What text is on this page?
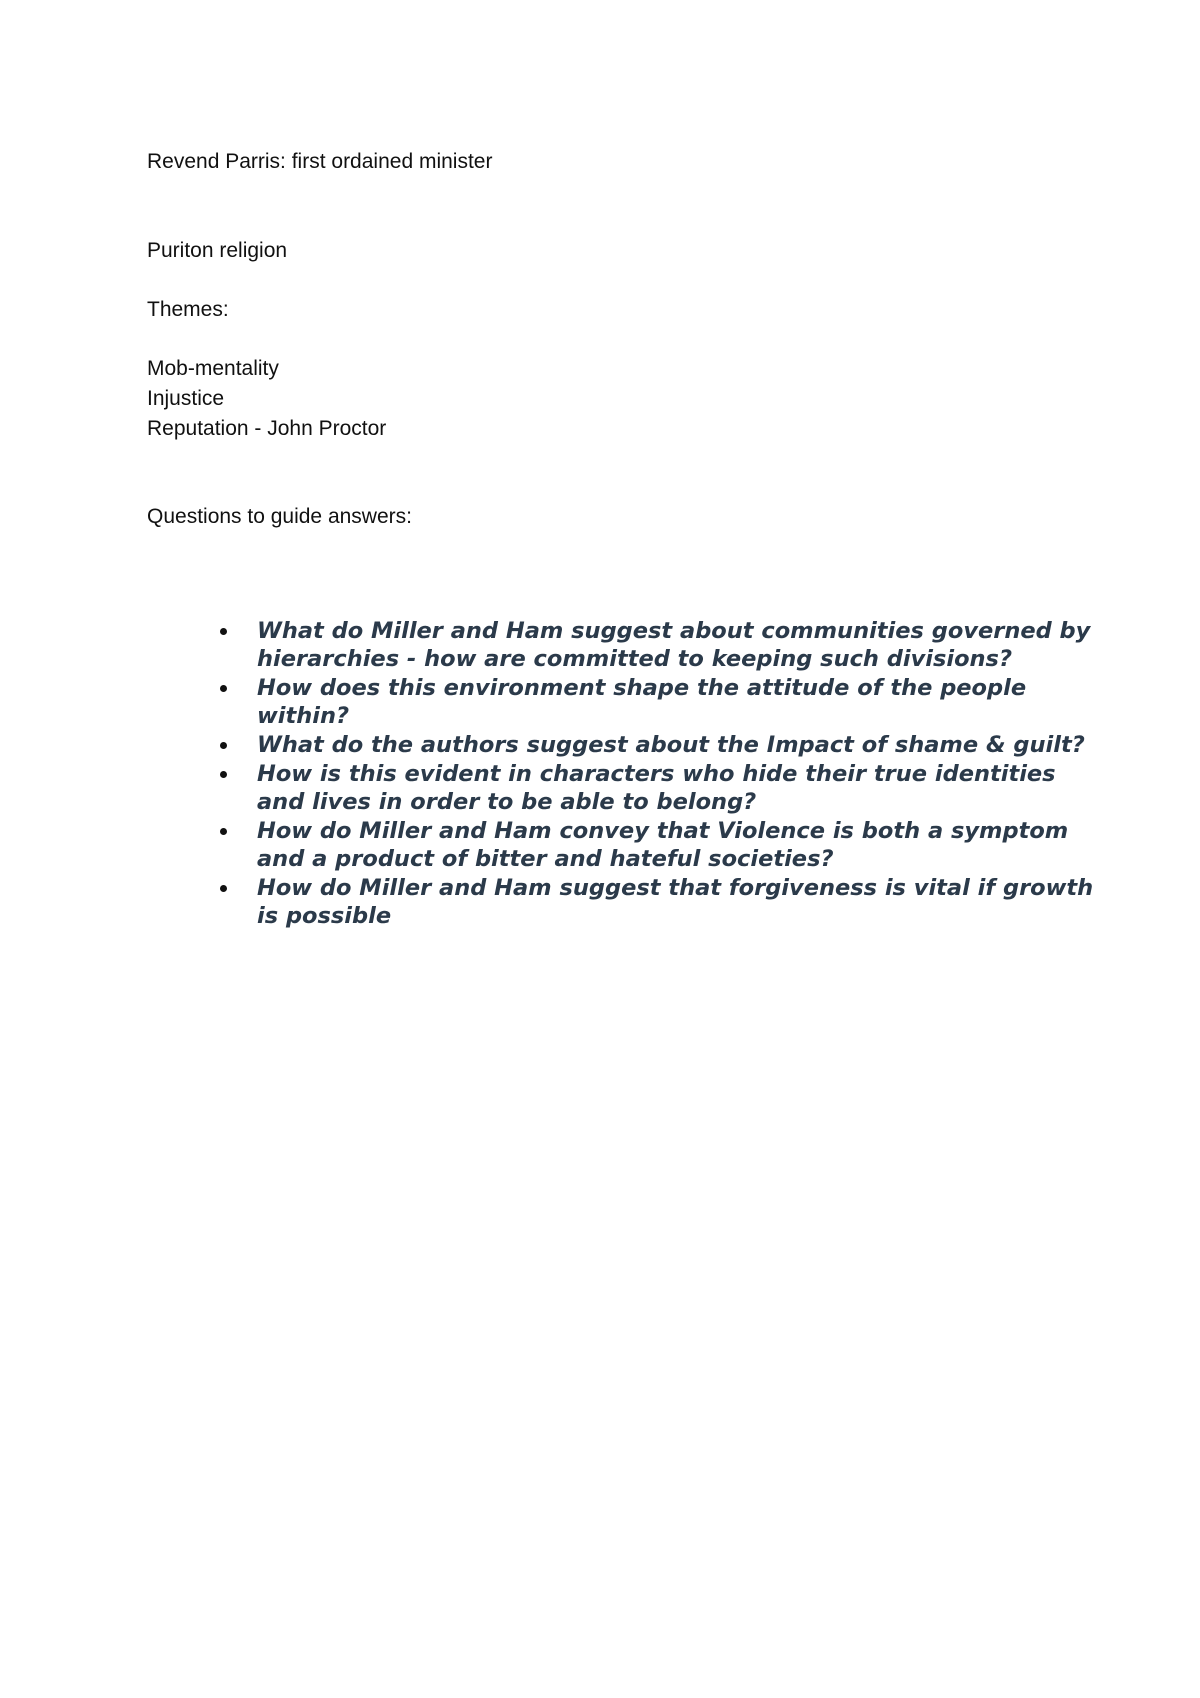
Revend Parris: first ordained minister
Puriton religion
Themes:
Mob-mentality
Injustice
Reputation - John Proctor
Questions to guide answers:
What do Miller and Ham suggest about communities governed by hierarchies - how are committed to keeping such divisions?
How does this environment shape the attitude of the people within?
What do the authors suggest about the Impact of shame & guilt?
How is this evident in characters who hide their true identities and lives in order to be able to belong?
How do Miller and Ham convey that Violence is both a symptom and a product of bitter and hateful societies?
How do Miller and Ham suggest that forgiveness is vital if growth is possible
